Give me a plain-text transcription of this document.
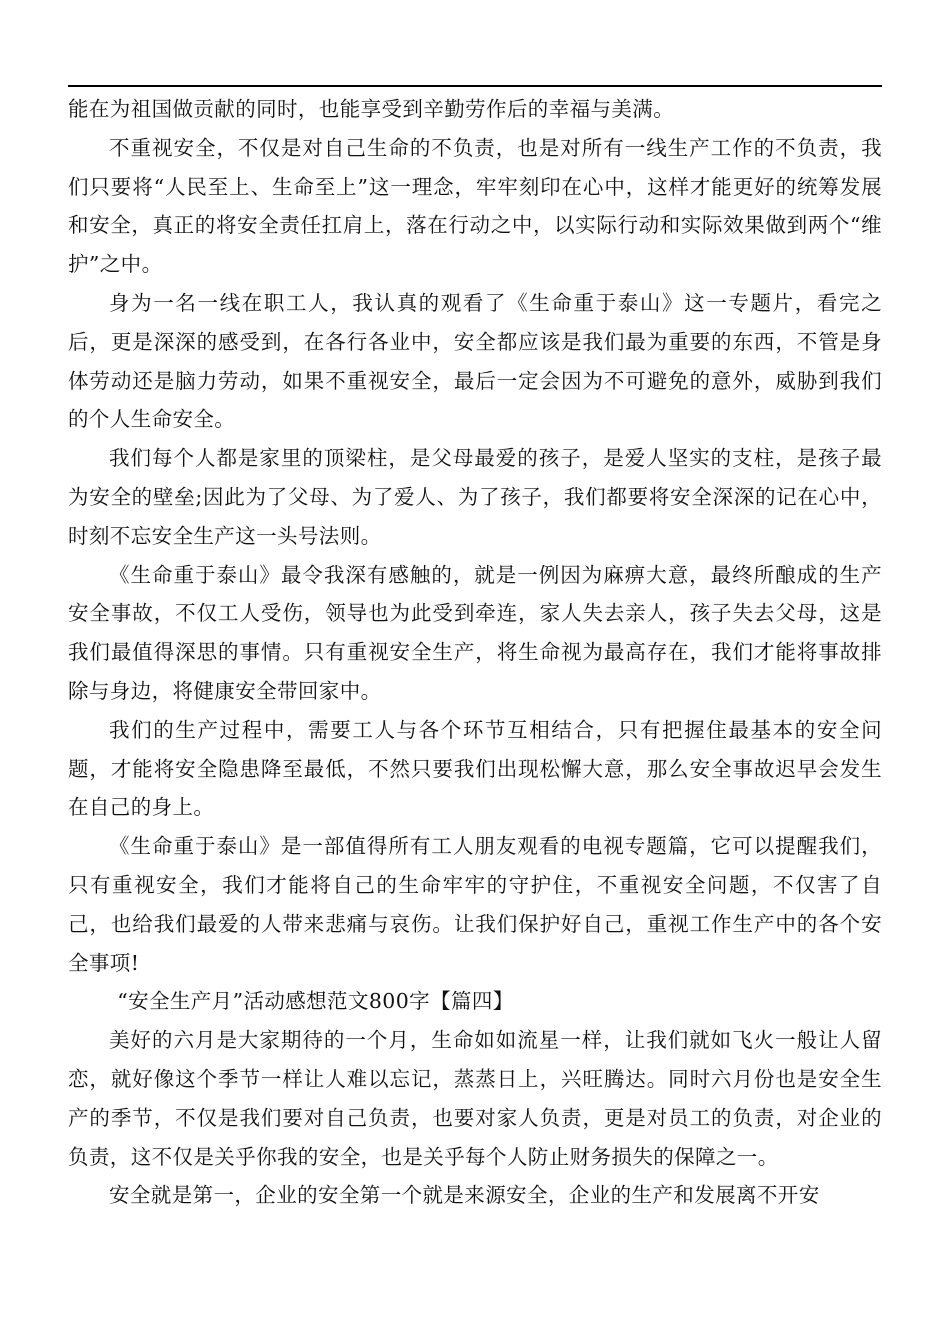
能在为祖国做贡献的同时，也能享受到辛勤劳作后的幸福与美满。

不重视安全，不仅是对自己生命的不负责，也是对所有一线生产工作的不负责，我们只要将“人民至上、生命至上”这一理念，牢牢刻印在心中，这样才能更好的统筹发展和安全，真正的将安全责任扛肩上，落在行动之中，以实际行动和实际效果做到两个“维护”之中。

身为一名一线在职工人，我认真的观看了《生命重于泰山》这一专题片，看完之后，更是深深的感受到，在各行各业中，安全都应该是我们最为重要的东西，不管是身体劳动还是脑力劳动，如果不重视安全，最后一定会因为不可避免的意外，威胁到我们的个人生命安全。

我们每个人都是家里的顶梁柱，是父母最爱的孩子，是爱人坚实的支柱，是孩子最为安全的壁垒;因此为了父母、为了爱人、为了孩子，我们都要将安全深深的记在心中，时刻不忘安全生产这一头号法则。

《生命重于泰山》最令我深有感触的，就是一例因为麻痹大意，最终所酿成的生产安全事故，不仅工人受伤，领导也为此受到牵连，家人失去亲人，孩子失去父母，这是我们最值得深思的事情。只有重视安全生产，将生命视为最高存在，我们才能将事故排除与身边，将健康安全带回家中。

我们的生产过程中，需要工人与各个环节互相结合，只有把握住最基本的安全问题，才能将安全隐患降至最低，不然只要我们出现松懈大意，那么安全事故迟早会发生在自己的身上。

《生命重于泰山》是一部值得所有工人朋友观看的电视专题篇，它可以提醒我们，只有重视安全，我们才能将自己的生命牢牢的守护住，不重视安全问题，不仅害了自己，也给我们最爱的人带来悲痛与哀伤。让我们保护好自己，重视工作生产中的各个安全事项!

“安全生产月”活动感想范文800字【篇四】

美好的六月是大家期待的一个月，生命如如流星一样，让我们就如飞火一般让人留恋，就好像这个季节一样让人难以忘记，蒸蒸日上，兴旺腾达。同时六月份也是安全生产的季节，不仅是我们要对自己负责，也要对家人负责，更是对员工的负责，对企业的负责，这不仅是关乎你我的安全，也是关乎每个人防止财务损失的保障之一。

安全就是第一，企业的安全第一个就是来源安全，企业的生产和发展离不开安
